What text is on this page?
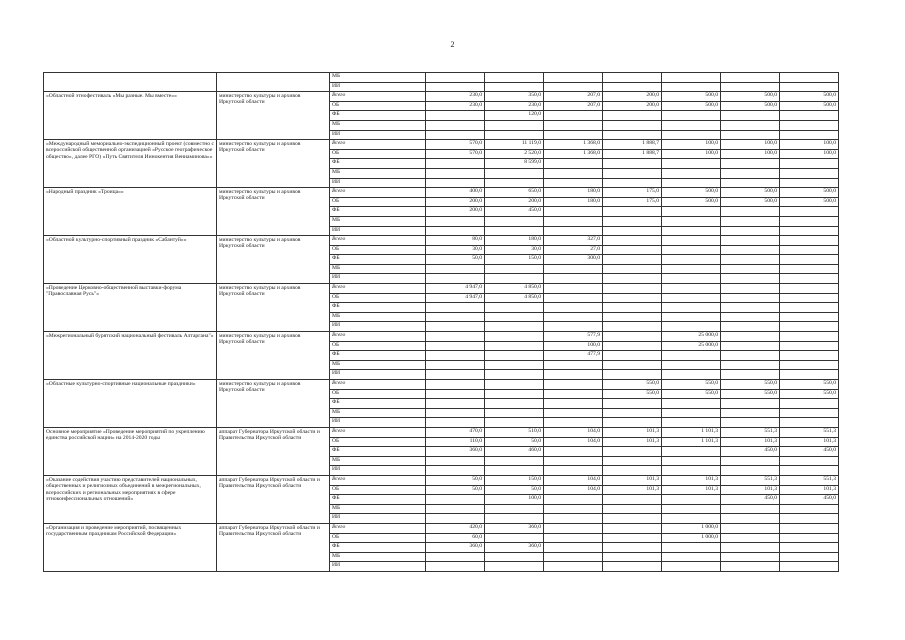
2
		МБ							
		ИИ							
«Областной этнофестиваль «Мы разные. Мы вместе»»	министерство культуры и архивов Иркутской области	Всего	230,0	350,0	207,0	200,0	500,0	500,0	500,0
		ОБ	230,0	230,0	207,0	200,0	500,0	500,0	500,0
		ФБ		120,0					
		МБ							
		ИИ							
«Международный мемориально-экспедиционный проект (совместно с всероссийской общественной организацией «Русское географическое общество», далее РГО) «Путь Святителя Иннокентия Вениаминова»»	министерство культуры и архивов Иркутской области	Всего	570,0	11 119,0	1 368,0	1 888,7	100,0	100,0	100,0
		ОБ	570,0	2 520,0	1 368,0	1 888,7	100,0	100,0	100,0
		ФБ		8 599,0					
		МБ							
		ИИ							
«Народный праздник «Троица»»	министерство культуры и архивов Иркутской области	Всего	400,0	650,0	180,0	175,0	500,0	500,0	500,0
		ОБ	200,0	200,0	180,0	175,0	500,0	500,0	500,0
		ФБ	200,0	450,0					
		МБ							
		ИИ							
«Областной культурно-спортивный праздник «Сабантуй»»	министерство культуры и архивов Иркутской области	Всего	80,0	180,0	327,0				
		ОБ	30,0	30,0	27,0				
		ФБ	50,0	150,0	300,0				
		МБ							
		ИИ							
«Проведение Церковно-общественной выставки-форума "Православная Русь"»	министерство культуры и архивов Иркутской области	Всего	4 947,0	4 850,0					
		ОБ	4 947,0	4 850,0					
		ФБ							
		МБ							
		ИИ							
«Межрегиональный бурятский национальный фестиваль Алтаргана"»	министерство культуры и архивов Иркутской области	Всего			577,9		25 000,0		
		ОБ			100,0		25 000,0		
		ФБ			477,9				
		МБ							
		ИИ							
«Областные культурно-спортивные национальные праздники»	министерство культуры и архивов Иркутской области	Всего				550,0	550,0	550,0	550,0
		ОБ				550,0	550,0	550,0	550,0
		ФБ							
		МБ							
		ИИ							
Основное мероприятие «Проведение мероприятий по укреплению единства российской нации» на 2014-2020 годы	аппарат Губернатора Иркутской области и Правительства Иркутской области	Всего	470,0	510,0	104,0	101,3	1 101,3	551,3	551,3
		ОБ	110,0	50,0	104,0	101,3	1 101,3	101,3	101,3
		ФБ	360,0	460,0				450,0	450,0
		МБ							
		ИИ							
«Оказание содействия участию представителей национальных, общественных и религиозных объединений в межрегиональных, всероссийских и региональных мероприятиях в сфере этноконфессиональных отношений»	аппарат Губернатора Иркутской области и Правительства Иркутской области	Всего	50,0	150,0	104,0	101,3	101,3	551,3	551,3
		ОБ	50,0	50,0	104,0	101,3	101,3	101,3	101,3
		ФБ		100,0				450,0	450,0
		МБ							
		ИИ							
«Организация и проведение мероприятий, посвященных государственным праздникам Российской Федерации»	аппарат Губернатора Иркутской области и Правительства Иркутской области	Всего	420,0	360,0			1 000,0		
		ОБ	60,0				1 000,0		
		ФБ	360,0	360,0					
		МБ							
		ИИ							
